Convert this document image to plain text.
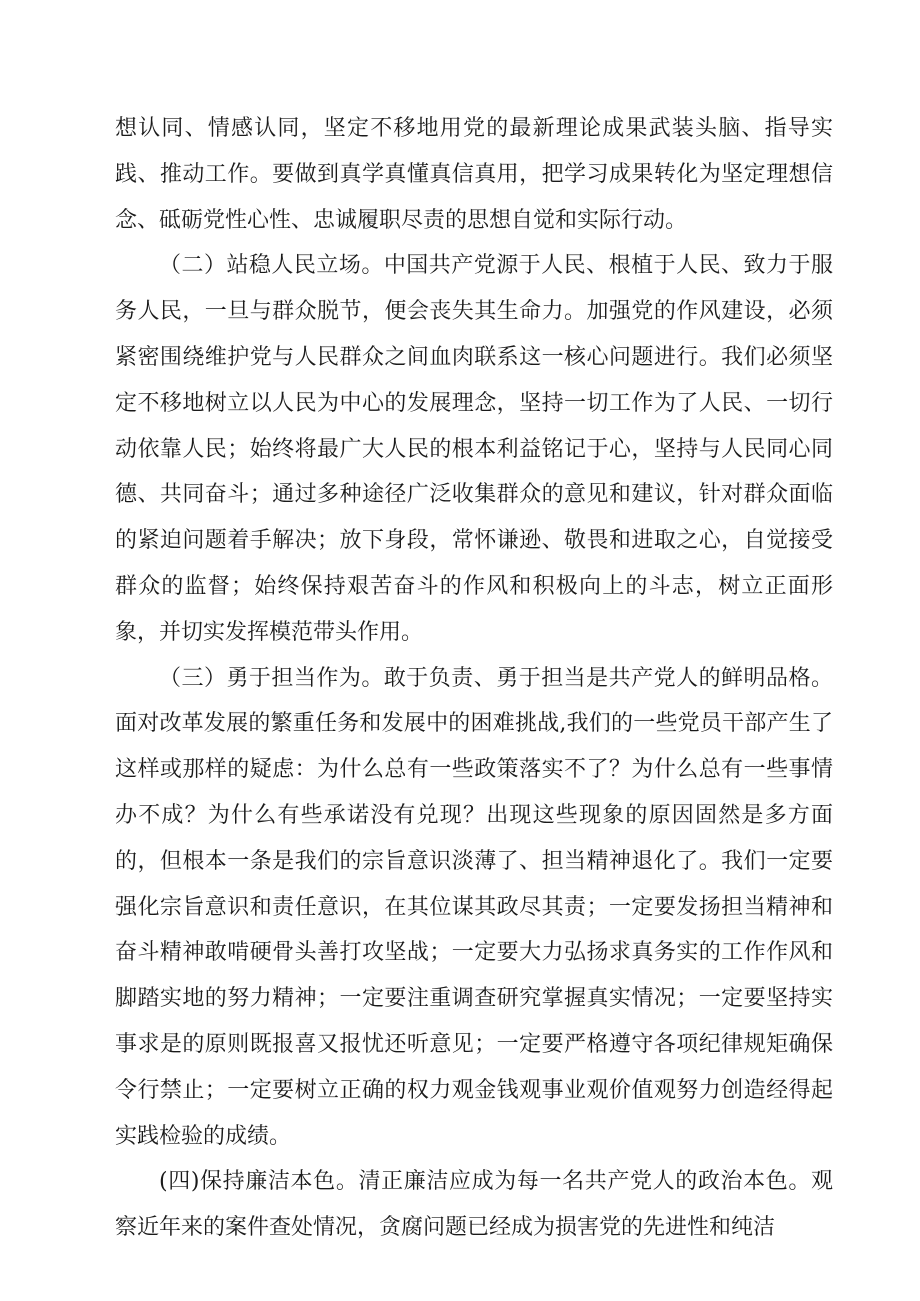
想认同、情感认同，坚定不移地用党的最新理论成果武装头脑、指导实践、推动工作。要做到真学真懂真信真用，把学习成果转化为坚定理想信念、砥砺党性心性、忠诚履职尽责的思想自觉和实际行动。

（二）站稳人民立场。中国共产党源于人民、根植于人民、致力于服务人民，一旦与群众脱节，便会丧失其生命力。加强党的作风建设，必须紧密围绕维护党与人民群众之间血肉联系这一核心问题进行。我们必须坚定不移地树立以人民为中心的发展理念，坚持一切工作为了人民、一切行动依靠人民；始终将最广大人民的根本利益铭记于心，坚持与人民同心同德、共同奋斗；通过多种途径广泛收集群众的意见和建议，针对群众面临的紧迫问题着手解决；放下身段，常怀谦逊、敬畏和进取之心，自觉接受群众的监督；始终保持艰苦奋斗的作风和积极向上的斗志，树立正面形象，并切实发挥模范带头作用。

（三）勇于担当作为。敢于负责、勇于担当是共产党人的鲜明品格。面对改革发展的繁重任务和发展中的困难挑战,我们的一些党员干部产生了这样或那样的疑虑：为什么总有一些政策落实不了？为什么总有一些事情办不成？为什么有些承诺没有兑现？出现这些现象的原因固然是多方面的，但根本一条是我们的宗旨意识淡薄了、担当精神退化了。我们一定要强化宗旨意识和责任意识，在其位谋其政尽其责；一定要发扬担当精神和奋斗精神敢啃硬骨头善打攻坚战；一定要大力弘扬求真务实的工作作风和脚踏实地的努力精神；一定要注重调查研究掌握真实情况；一定要坚持实事求是的原则既报喜又报忧还听意见；一定要严格遵守各项纪律规矩确保令行禁止；一定要树立正确的权力观金钱观事业观价值观努力创造经得起实践检验的成绩。

(四)保持廉洁本色。清正廉洁应成为每一名共产党人的政治本色。观察近年来的案件查处情况，贪腐问题已经成为损害党的先进性和纯洁
